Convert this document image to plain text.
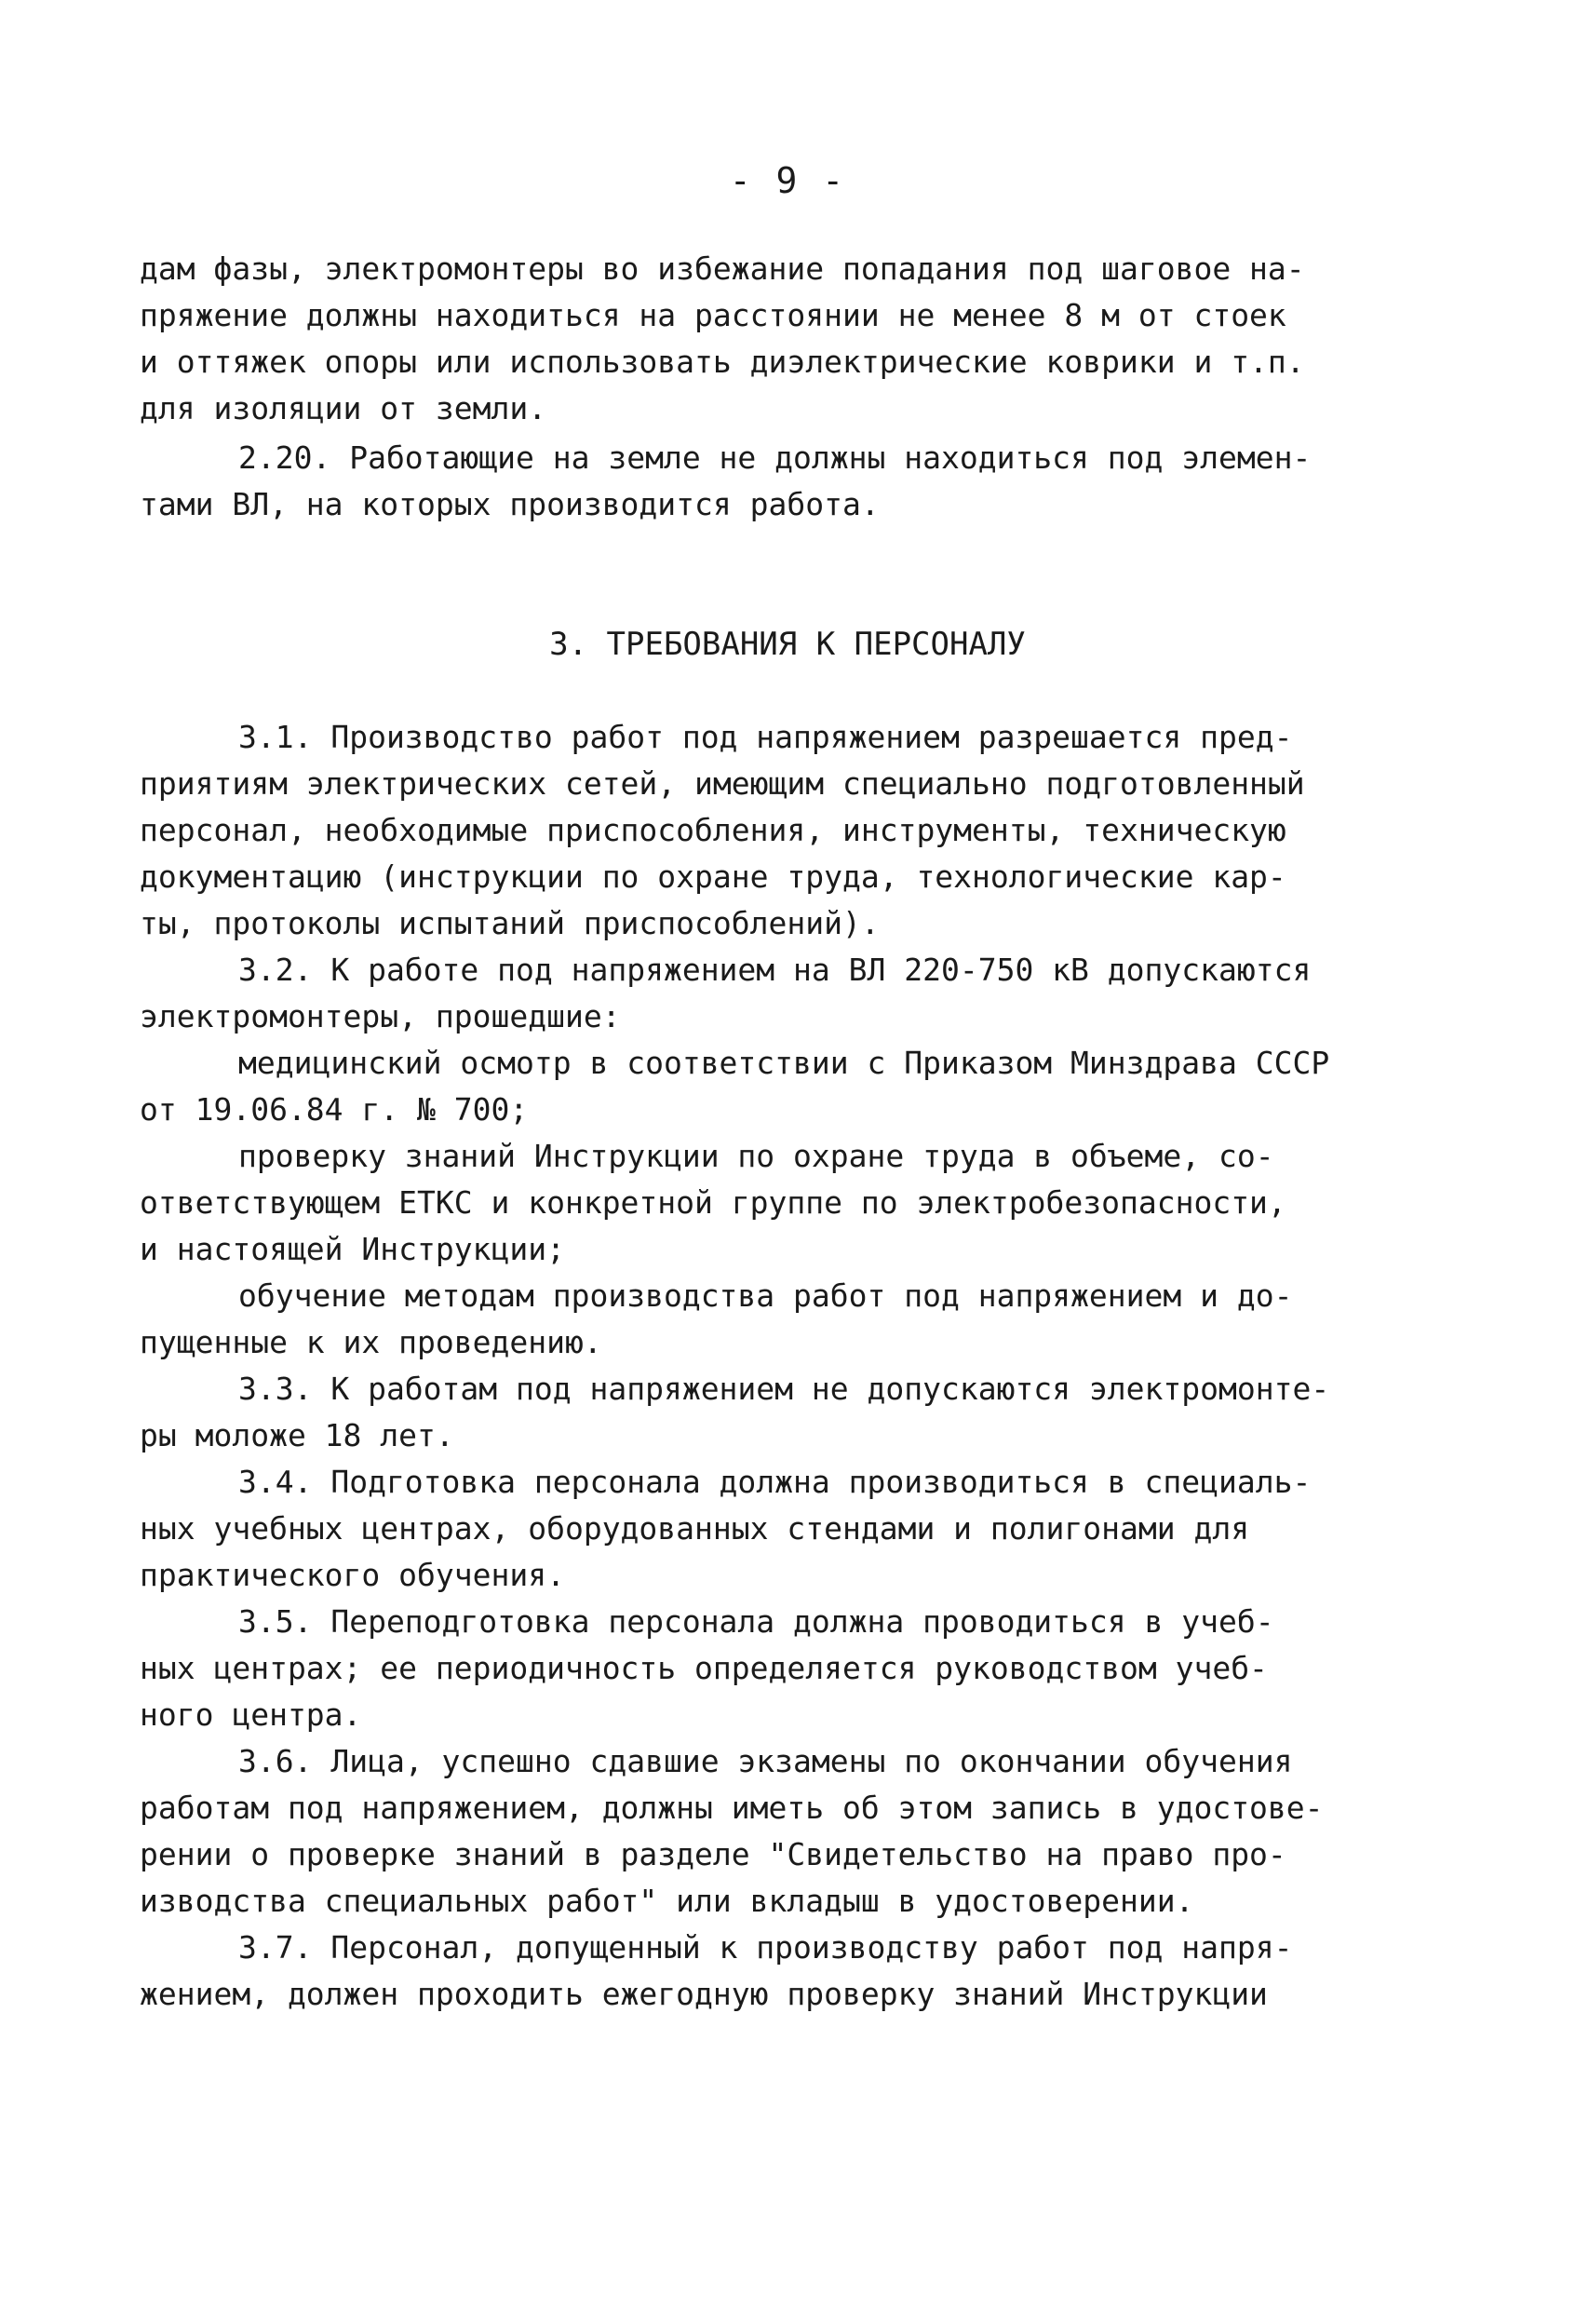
- 9 -
дам фазы, электромонтеры во избежание попадания под шаговое на-
пряжение должны находиться на расстоянии не менее 8 м от стоек
и оттяжек опоры или использовать диэлектрические коврики и т.п.
для изоляции от земли.
2.20. Работающие на земле не должны находиться под элемен-
тами ВЛ, на которых производится работа.
3. ТРЕБОВАНИЯ К ПЕРСОНАЛУ
3.1. Производство работ под напряжением разрешается пред-
приятиям электрических сетей, имеющим специально подготовленный
персонал, необходимые приспособления, инструменты, техническую
документацию (инструкции по охране труда, технологические кар-
ты, протоколы испытаний приспособлений).
3.2. К работе под напряжением на ВЛ 220-750 кВ допускаются
электромонтеры, прошедшие:
медицинский осмотр в соответствии с Приказом Минздрава СССР
от 19.06.84 г. № 700;
проверку знаний Инструкции по охране труда в объеме, со-
ответствующем ЕТКС и конкретной группе по электробезопасности,
и настоящей Инструкции;
обучение методам производства работ под напряжением и до-
пущенные к их проведению.
3.3. К работам под напряжением не допускаются электромонте-
ры моложе 18 лет.
3.4. Подготовка персонала должна производиться в специаль-
ных учебных центрах, оборудованных стендами и полигонами для
практического обучения.
3.5. Переподготовка персонала должна проводиться в учеб-
ных центрах; ее периодичность определяется руководством учеб-
ного центра.
3.6. Лица, успешно сдавшие экзамены по окончании обучения
работам под напряжением, должны иметь об этом запись в удостове-
рении о проверке знаний в разделе "Свидетельство на право про-
изводства специальных работ" или вкладыш в удостоверении.
3.7. Персонал, допущенный к производству работ под напря-
жением, должен проходить ежегодную проверку знаний Инструкции
